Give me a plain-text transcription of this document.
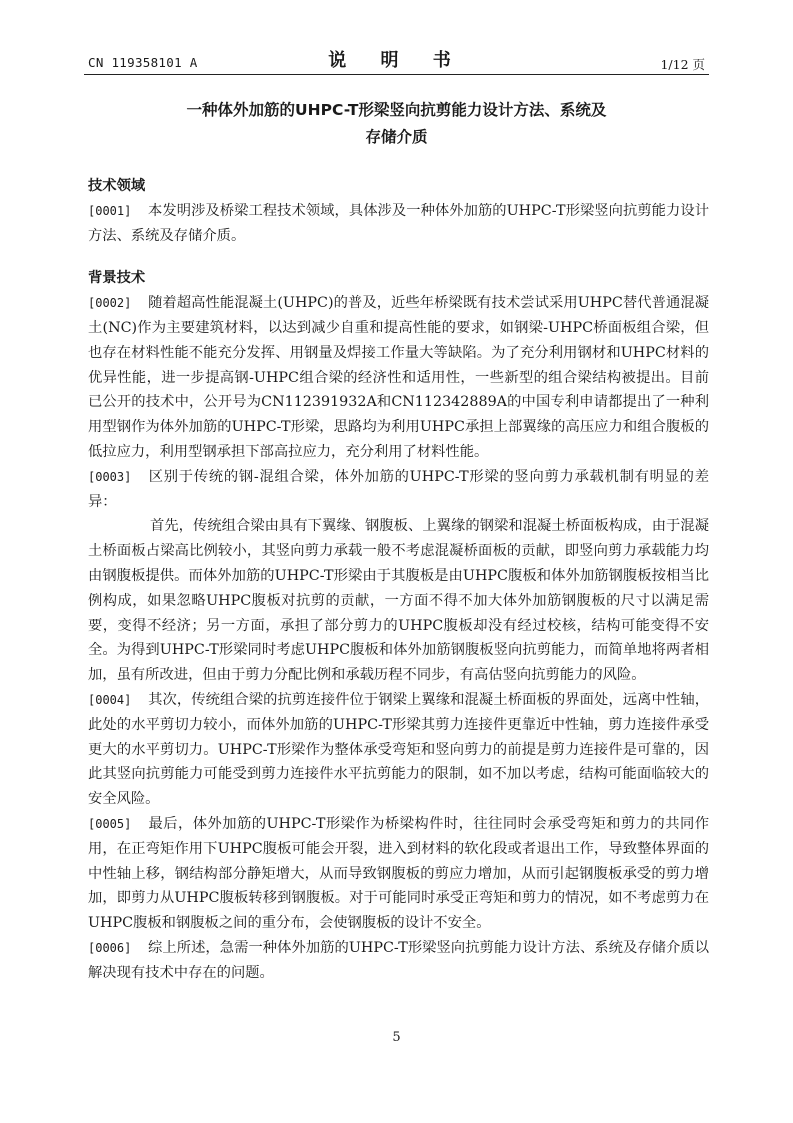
CN 119358101 A	说 明 书	1/12 页
一种体外加筋的UHPC-T形梁竖向抗剪能力设计方法、系统及
存储介质
技术领域

[0001] 本发明涉及桥梁工程技术领域，具体涉及一种体外加筋的UHPC-T形梁竖向抗剪能力设计方法、系统及存储介质。

背景技术

[0002] 随着超高性能混凝土(UHPC)的普及，近些年桥梁既有技术尝试采用UHPC替代普通混凝土(NC)作为主要建筑材料，以达到减少自重和提高性能的要求，如钢梁-UHPC桥面板组合梁，但也存在材料性能不能充分发挥、用钢量及焊接工作量大等缺陷。为了充分利用钢材和UHPC材料的优异性能，进一步提高钢-UHPC组合梁的经济性和适用性，一些新型的组合梁结构被提出。目前已公开的技术中，公开号为CN112391932A和CN112342889A的中国专利申请都提出了一种利用型钢作为体外加筋的UHPC-T形梁，思路均为利用UHPC承担上部翼缘的高压应力和组合腹板的低拉应力，利用型钢承担下部高拉应力，充分利用了材料性能。

[0003] 区别于传统的钢-混组合梁，体外加筋的UHPC-T形梁的竖向剪力承载机制有明显的差异：

首先，传统组合梁由具有下翼缘、钢腹板、上翼缘的钢梁和混凝土桥面板构成，由于混凝土桥面板占梁高比例较小，其竖向剪力承载一般不考虑混凝桥面板的贡献，即竖向剪力承载能力均由钢腹板提供。而体外加筋的UHPC-T形梁由于其腹板是由UHPC腹板和体外加筋钢腹板按相当比例构成，如果忽略UHPC腹板对抗剪的贡献，一方面不得不加大体外加筋钢腹板的尺寸以满足需要，变得不经济；另一方面，承担了部分剪力的UHPC腹板却没有经过校核，结构可能变得不安全。为得到UHPC-T形梁同时考虑UHPC腹板和体外加筋钢腹板竖向抗剪能力，而简单地将两者相加，虽有所改进，但由于剪力分配比例和承载历程不同步，有高估竖向抗剪能力的风险。

[0004] 其次，传统组合梁的抗剪连接件位于钢梁上翼缘和混凝土桥面板的界面处，远离中性轴，此处的水平剪切力较小，而体外加筋的UHPC-T形梁其剪力连接件更靠近中性轴，剪力连接件承受更大的水平剪切力。UHPC-T形梁作为整体承受弯矩和竖向剪力的前提是剪力连接件是可靠的，因此其竖向抗剪能力可能受到剪力连接件水平抗剪能力的限制，如不加以考虑，结构可能面临较大的安全风险。

[0005] 最后，体外加筋的UHPC-T形梁作为桥梁构件时，往往同时会承受弯矩和剪力的共同作用，在正弯矩作用下UHPC腹板可能会开裂，进入到材料的软化段或者退出工作，导致整体界面的中性轴上移，钢结构部分静矩增大，从而导致钢腹板的剪应力增加，从而引起钢腹板承受的剪力增加，即剪力从UHPC腹板转移到钢腹板。对于可能同时承受正弯矩和剪力的情况，如不考虑剪力在UHPC腹板和钢腹板之间的重分布，会使钢腹板的设计不安全。

[0006] 综上所述，急需一种体外加筋的UHPC-T形梁竖向抗剪能力设计方法、系统及存储介质以解决现有技术中存在的问题。

5
